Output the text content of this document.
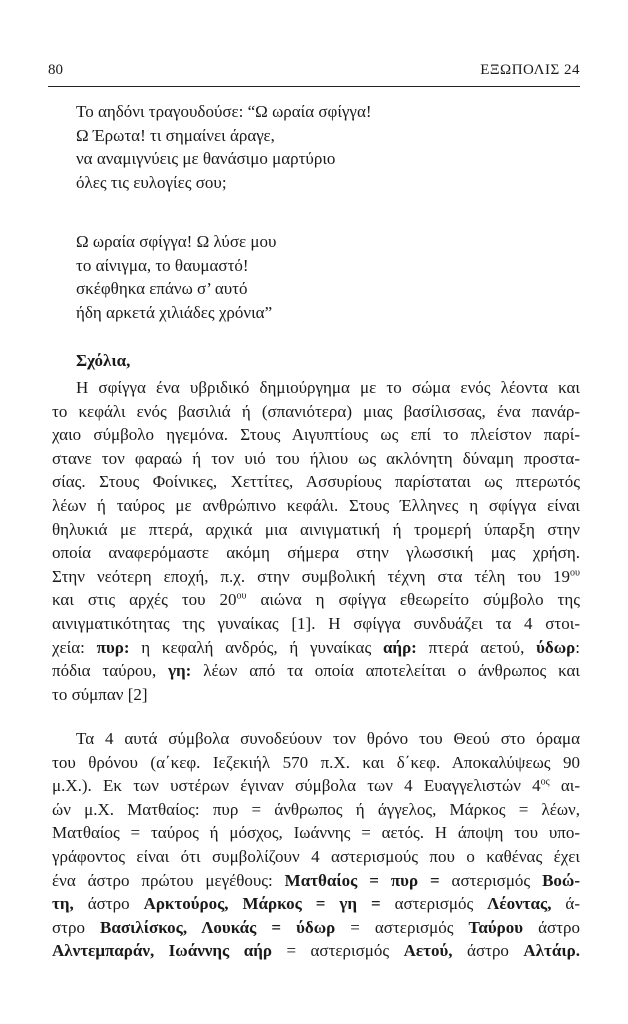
80	ΕΞΩΠΟΛΙΣ 24
Το αηδόνι τραγουδούσε: “Ω ωραία σφίγγα!
Ω Έρωτα! τι σημαίνει άραγε,
να αναμιγνύεις με θανάσιμο μαρτύριο
όλες τις ευλογίες σου;
Ω ωραία σφίγγα! Ω λύσε μου
το αίνιγμα, το θαυμαστό!
σκέφθηκα επάνω σ’ αυτό
ήδη αρκετά χιλιάδες χρόνια”
Σχόλια,
Η σφίγγα ένα υβριδικό δημιούργημα με το σώμα ενός λέοντα και
το κεφάλι ενός βασιλιά ή (σπανιότερα) μιας βασίλισσας, ένα πανάρ-
χαιο σύμβολο ηγεμόνα. Στους Αιγυπτίους ως επί το πλείστον παρί-
στανε τον φαραώ ή τον υιό του ήλιου ως ακλόνητη δύναμη προστα-
σίας. Στους Φοίνικες, Χεττίτες, Ασσυρίους παρίσταται ως πτερωτός
λέων ή ταύρος με ανθρώπινο κεφάλι. Στους Έλληνες η σφίγγα είναι
θηλυκιά με πτερά, αρχικά μια αινιγματική ή τρομερή ύπαρξη στην
οποία αναφερόμαστε ακόμη σήμερα στην γλωσσική μας χρήση.
Στην νεότερη εποχή, π.χ. στην συμβολική τέχνη στα τέλη του $19^{o\upsilon}$
και στις αρχές του $20^{o\upsilon}$ αιώνα η σφίγγα εθεωρείτο σύμβολο της
αινιγματικότητας της γυναίκας [1]. Η σφίγγα συνδυάζει τα 4 στοι-
χεία: πυρ: η κεφαλή ανδρός, ή γυναίκας αήρ: πτερά αετού, ύδωρ:
πόδια ταύρου, γη: λέων από τα οποία αποτελείται ο άνθρωπος και
το σύμπαν [2]
Τα 4 αυτά σύμβολα συνοδεύουν τον θρόνο του Θεού στο όραμα
του θρόνου (α΄κεφ. Ιεζεκιήλ 570 π.Χ. και δ΄κεφ. Αποκαλύψεως 90
μ.Χ.). Εκ των υστέρων έγιναν σύμβολα των 4 Ευαγγελιστών $4^{o\varsigma}$ αι-
ών μ.Χ. Ματθαίος: πυρ = άνθρωπος ή άγγελος, Μάρκος = λέων,
Ματθαίος = ταύρος ή μόσχος, Ιωάννης = αετός. Η άποψη του υπο-
γράφοντος είναι ότι συμβολίζουν 4 αστερισμούς που ο καθένας έχει
ένα άστρο πρώτου μεγέθους: Ματθαίος = πυρ = αστερισμός Βοώ-
τη, άστρο Αρκτούρος, Μάρκος = γη = αστερισμός Λέοντας, ά-
στρο Βασιλίσκος, Λουκάς = ύδωρ = αστερισμός Ταύρου άστρο
Αλντεμπαράν, Ιωάννης αήρ = αστερισμός Αετού, άστρο Αλτάιρ.
